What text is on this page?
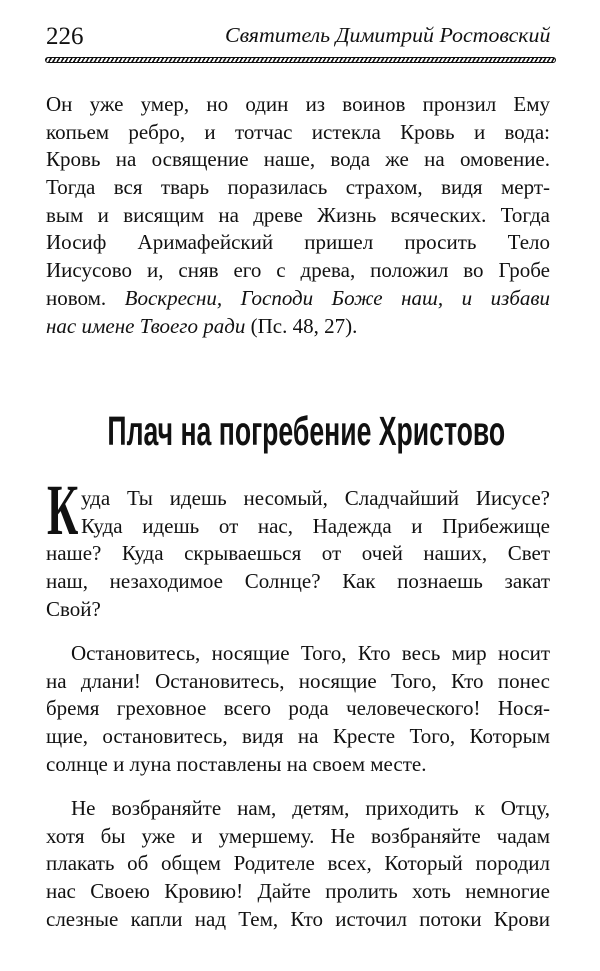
226	Святитель Димитрий Ростовский
Он уже умер, но один из воинов пронзил Ему
копьем ребро, и тотчас истекла Кровь и вода:
Кровь на освящение наше, вода же на омовение.
Тогда вся тварь поразилась страхом, видя мерт-
вым и висящим на древе Жизнь всяческих. Тогда
Иосиф Аримафейский пришел просить Тело
Иисусово и, сняв его с древа, положил во Гробе
новом. Воскресни, Господи Боже наш, и избави
нас имене Твоего ради (Пс. 48, 27).
Плач на погребение Христово
К уда Ты идешь несомый, Сладчайший Иисусе?
Куда идешь от нас, Надежда и Прибежище
наше? Куда скрываешься от очей наших, Свет
наш, незаходимое Солнце? Как познаешь закат
Свой?
Остановитесь, носящие Того, Кто весь мир носит
на длани! Остановитесь, носящие Того, Кто понес
бремя греховное всего рода человеческого! Нося-
щие, остановитесь, видя на Кресте Того, Которым
солнце и луна поставлены на своем месте.
Не возбраняйте нам, детям, приходить к Отцу,
хотя бы уже и умершему. Не возбраняйте чадам
плакать об общем Родителе всех, Который породил
нас Своею Кровию! Дайте пролить хоть немногие
слезные капли над Тем, Кто источил потоки Крови
